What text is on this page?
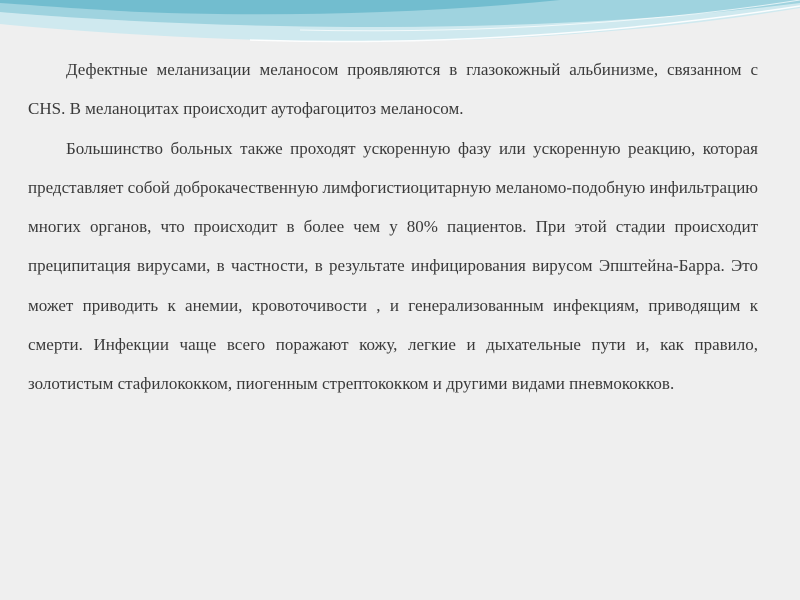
Дефектные меланизации меланосом проявляются в глазокожный альбинизме, связанном с CHS. В меланоцитах происходит аутофагоцитоз меланосом.

Большинство больных также проходят ускоренную фазу или ускоренную реакцию, которая представляет собой доброкачественную лимфогистиоцитарную меланомо-подобную инфильтрацию многих органов, что происходит в более чем у 80% пациентов. При этой стадии происходит преципитация вирусами, в частности, в результате инфицирования вирусом Эпштейна-Барра. Это может приводить к анемии, кровоточивости , и генерализованным инфекциям, приводящим к смерти. Инфекции чаще всего поражают кожу, легкие и дыхательные пути и, как правило, золотистым стафилококком, пиогенным стрептококком и другими видами пневмококков.
